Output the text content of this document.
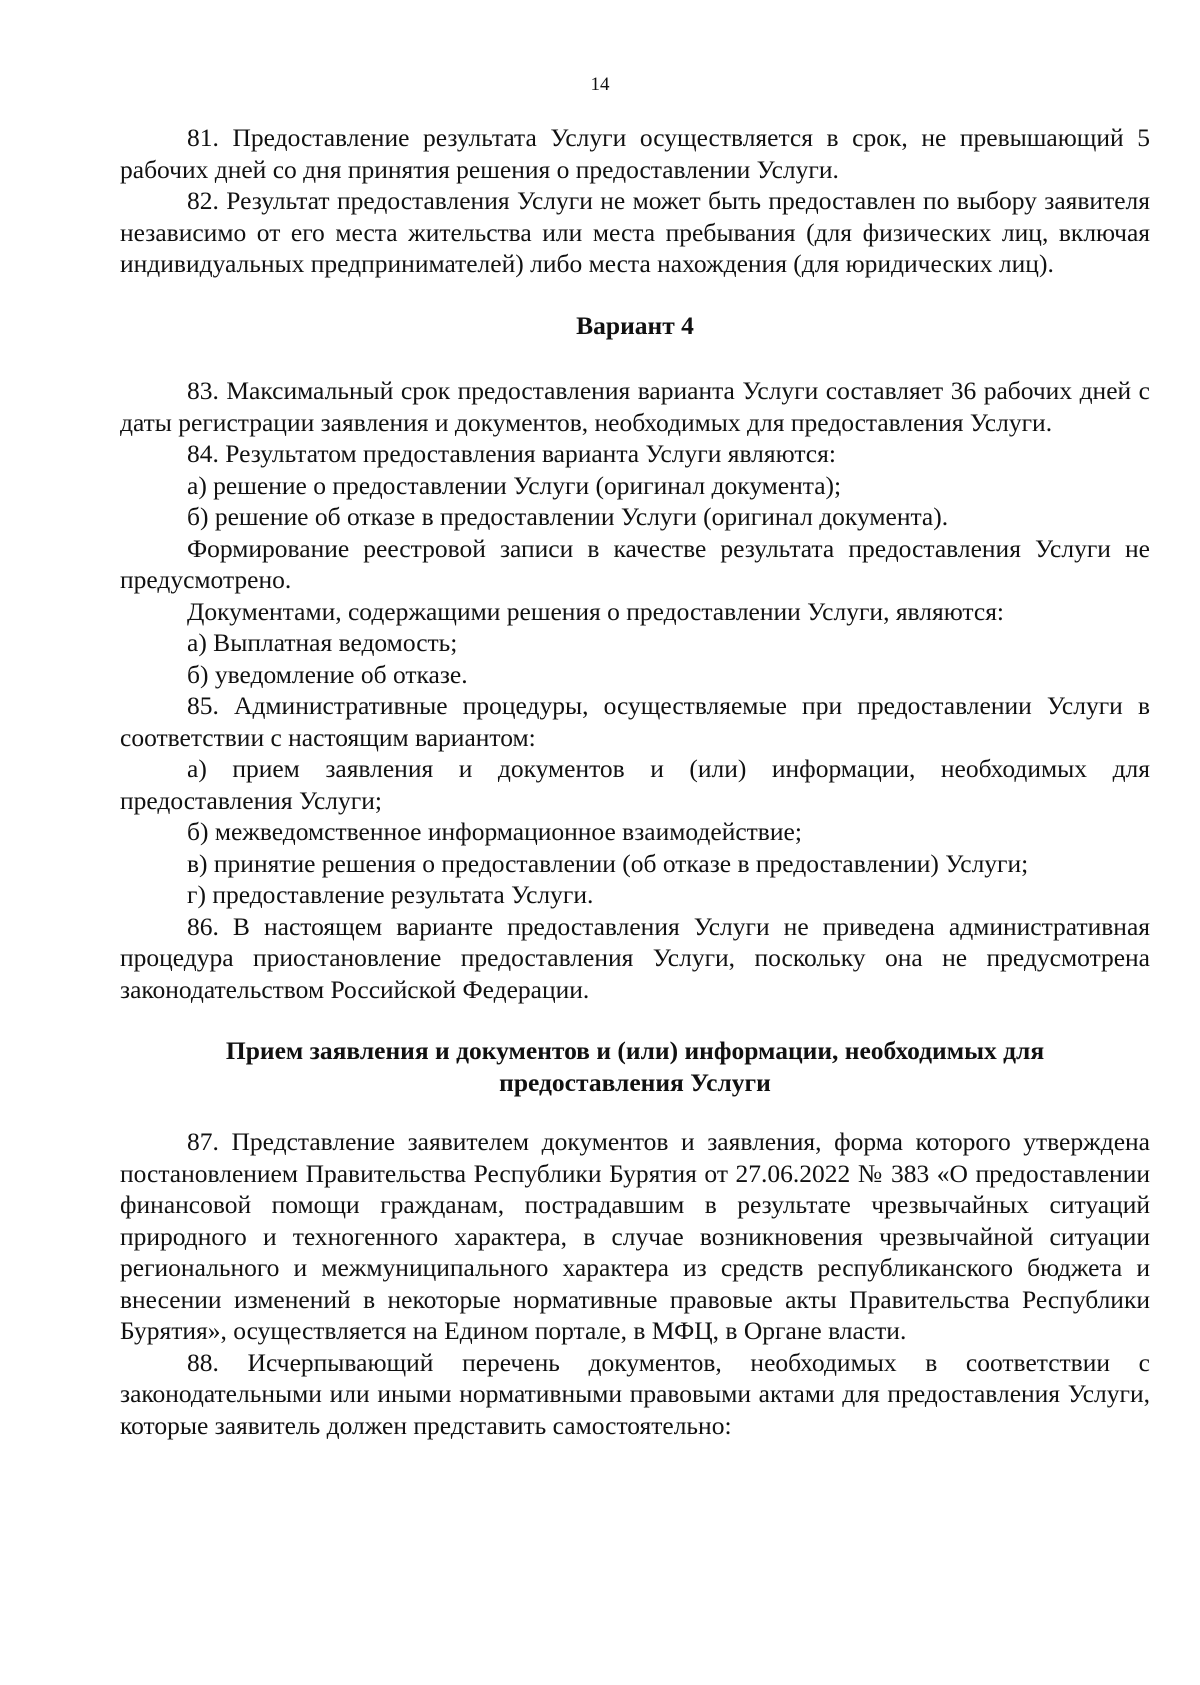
14

81. Предоставление результата Услуги осуществляется в срок, не превышающий 5 рабочих дней со дня принятия решения о предоставлении Услуги.

82. Результат предоставления Услуги не может быть предоставлен по выбору заявителя независимо от его места жительства или места пребывания (для физических лиц, включая индивидуальных предпринимателей) либо места нахождения (для юридических лиц).

Вариант 4

83. Максимальный срок предоставления варианта Услуги составляет 36 рабочих дней с даты регистрации заявления и документов, необходимых для предоставления Услуги.

84. Результатом предоставления варианта Услуги являются:

а) решение о предоставлении Услуги (оригинал документа);

б) решение об отказе в предоставлении Услуги (оригинал документа).

Формирование реестровой записи в качестве результата предоставления Услуги не предусмотрено.

Документами, содержащими решения о предоставлении Услуги, являются:

а) Выплатная ведомость;

б) уведомление об отказе.

85. Административные процедуры, осуществляемые при предоставлении Услуги в соответствии с настоящим вариантом:

а) прием заявления и документов и (или) информации, необходимых для предоставления Услуги;

б) межведомственное информационное взаимодействие;

в) принятие решения о предоставлении (об отказе в предоставлении) Услуги;

г) предоставление результата Услуги.

86. В настоящем варианте предоставления Услуги не приведена административная процедура приостановление предоставления Услуги, поскольку она не предусмотрена законодательством Российской Федерации.

Прием заявления и документов и (или) информации, необходимых для предоставления Услуги

87. Представление заявителем документов и заявления, форма которого утверждена постановлением Правительства Республики Бурятия от 27.06.2022 № 383 «О предоставлении финансовой помощи гражданам, пострадавшим в результате чрезвычайных ситуаций природного и техногенного характера, в случае возникновения чрезвычайной ситуации регионального и межмуниципального характера из средств республиканского бюджета и внесении изменений в некоторые нормативные правовые акты Правительства Республики Бурятия», осуществляется на Едином портале, в МФЦ, в Органе власти.

88. Исчерпывающий перечень документов, необходимых в соответствии с законодательными или иными нормативными правовыми актами для предоставления Услуги, которые заявитель должен представить самостоятельно:
